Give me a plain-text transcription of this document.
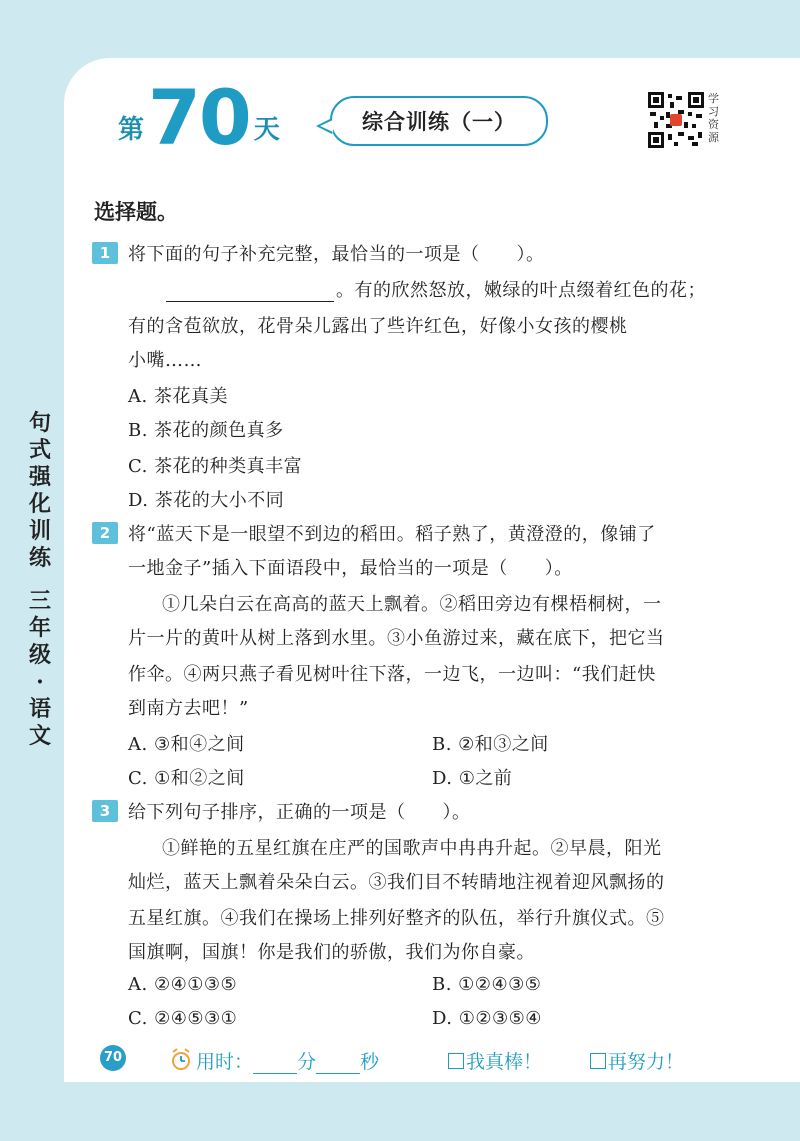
第 70 天	综合训练（一）
学习资源
句
式
强
化
训
练
三
年
级
·
语
文
选择题。
1 将下面的句子补充完整，最恰当的一项是（　　）。
。有的欣然怒放，嫩绿的叶点缀着红色的花；
有的含苞欲放，花骨朵儿露出了些许红色，好像小女孩的樱桃
小嘴……
A. 茶花真美
B. 茶花的颜色真多
C. 茶花的种类真丰富
D. 茶花的大小不同
2 将“蓝天下是一眼望不到边的稻田。稻子熟了，黄澄澄的，像铺了
一地金子”插入下面语段中，最恰当的一项是（　　）。
①几朵白云在高高的蓝天上飘着。②稻田旁边有棵梧桐树，一
片一片的黄叶从树上落到水里。③小鱼游过来，藏在底下，把它当
作伞。④两只燕子看见树叶往下落，一边飞，一边叫：“我们赶快
到南方去吧！”
A. ③和④之间	B. ②和③之间
C. ①和②之间	D. ①之前
3 给下列句子排序，正确的一项是（　　）。
①鲜艳的五星红旗在庄严的国歌声中冉冉升起。②早晨，阳光
灿烂，蓝天上飘着朵朵白云。③我们目不转睛地注视着迎风飘扬的
五星红旗。④我们在操场上排列好整齐的队伍，举行升旗仪式。⑤
国旗啊，国旗！你是我们的骄傲，我们为你自豪。
A. ②④①③⑤	B. ①②④③⑤
C. ②④⑤③①	D. ①②③⑤④
70	用时： 分 秒	我真棒！	再努力！
